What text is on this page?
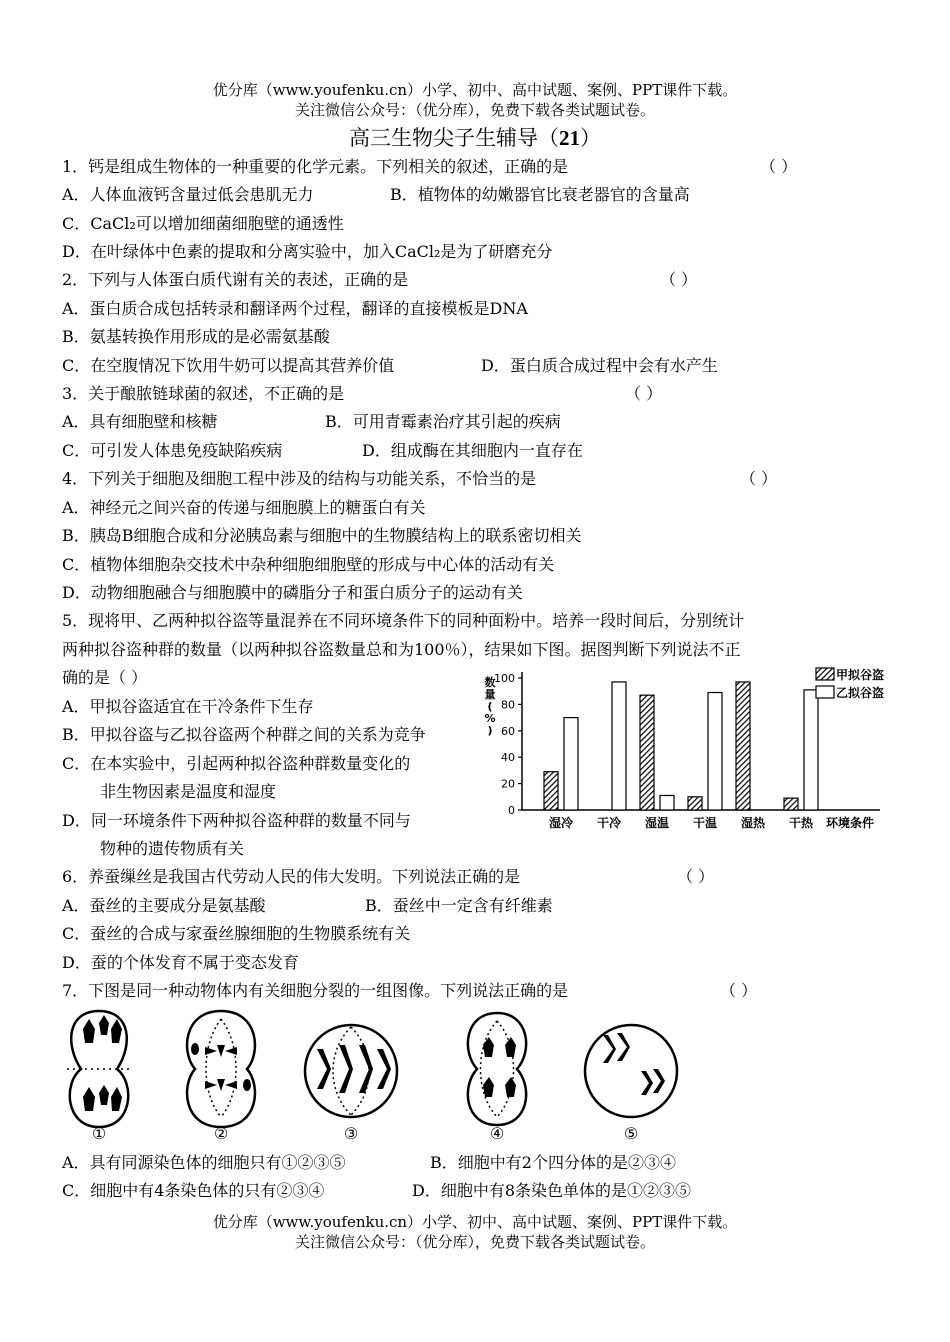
优分库（www.youfenku.cn）小学、初中、高中试题、案例、PPT课件下载。
关注微信公众号：（优分库），免费下载各类试题试卷。
高三生物尖子生辅导（21）
1．钙是组成生物体的一种重要的化学元素。下列相关的叙述，正确的是	（ ）
A．人体血液钙含量过低会患肌无力	B．植物体的幼嫩器官比衰老器官的含量高
C．CaCl₂可以增加细菌细胞壁的通透性
D．在叶绿体中色素的提取和分离实验中，加入CaCl₂是为了研磨充分
2．下列与人体蛋白质代谢有关的表述，正确的是	（ ）
A．蛋白质合成包括转录和翻译两个过程，翻译的直接模板是DNA
B．氨基转换作用形成的是必需氨基酸
C．在空腹情况下饮用牛奶可以提高其营养价值	D．蛋白质合成过程中会有水产生
3．关于酿脓链球菌的叙述，不正确的是	（ ）
A．具有细胞壁和核糖	B．可用青霉素治疗其引起的疾病
C．可引发人体患免疫缺陷疾病	D．组成酶在其细胞内一直存在
4．下列关于细胞及细胞工程中涉及的结构与功能关系，不恰当的是	（ ）
A．神经元之间兴奋的传递与细胞膜上的糖蛋白有关
B．胰岛B细胞合成和分泌胰岛素与细胞中的生物膜结构上的联系密切相关
C．植物体细胞杂交技术中杂种细胞细胞壁的形成与中心体的活动有关
D．动物细胞融合与细胞膜中的磷脂分子和蛋白质分子的运动有关
5．现将甲、乙两种拟谷盗等量混养在不同环境条件下的同种面粉中。培养一段时间后，分别统计
两种拟谷盗种群的数量（以两种拟谷盗数量总和为100％），结果如下图。据图判断下列说法不正
确的是（ ）
A．甲拟谷盗适宜在干冷条件下生存
B．甲拟谷盗与乙拟谷盗两个种群之间的关系为竞争
C．在本实验中，引起两种拟谷盗种群数量变化的
非生物因素是温度和湿度
D．同一环境条件下两种拟谷盗种群的数量不同与
物种的遗传物质有关
数
量
(
%
)
0
20
40
60
80
100
湿冷 干冷 湿温 干温 湿热 干热 环境条件
甲拟谷盗
乙拟谷盗
6．养蚕缫丝是我国古代劳动人民的伟大发明。下列说法正确的是	（ ）
A．蚕丝的主要成分是氨基酸	B．蚕丝中一定含有纤维素
C．蚕丝的合成与家蚕丝腺细胞的生物膜系统有关
D．蚕的个体发育不属于变态发育
7．下图是同一种动物体内有关细胞分裂的一组图像。下列说法正确的是	（ ）
①	②	③	④	⑤
A．具有同源染色体的细胞只有①②③⑤	B．细胞中有2个四分体的是②③④
C．细胞中有4条染色体的只有②③④	D．细胞中有8条染色单体的是①②③⑤
优分库（www.youfenku.cn）小学、初中、高中试题、案例、PPT课件下载。
关注微信公众号：（优分库），免费下载各类试题试卷。
